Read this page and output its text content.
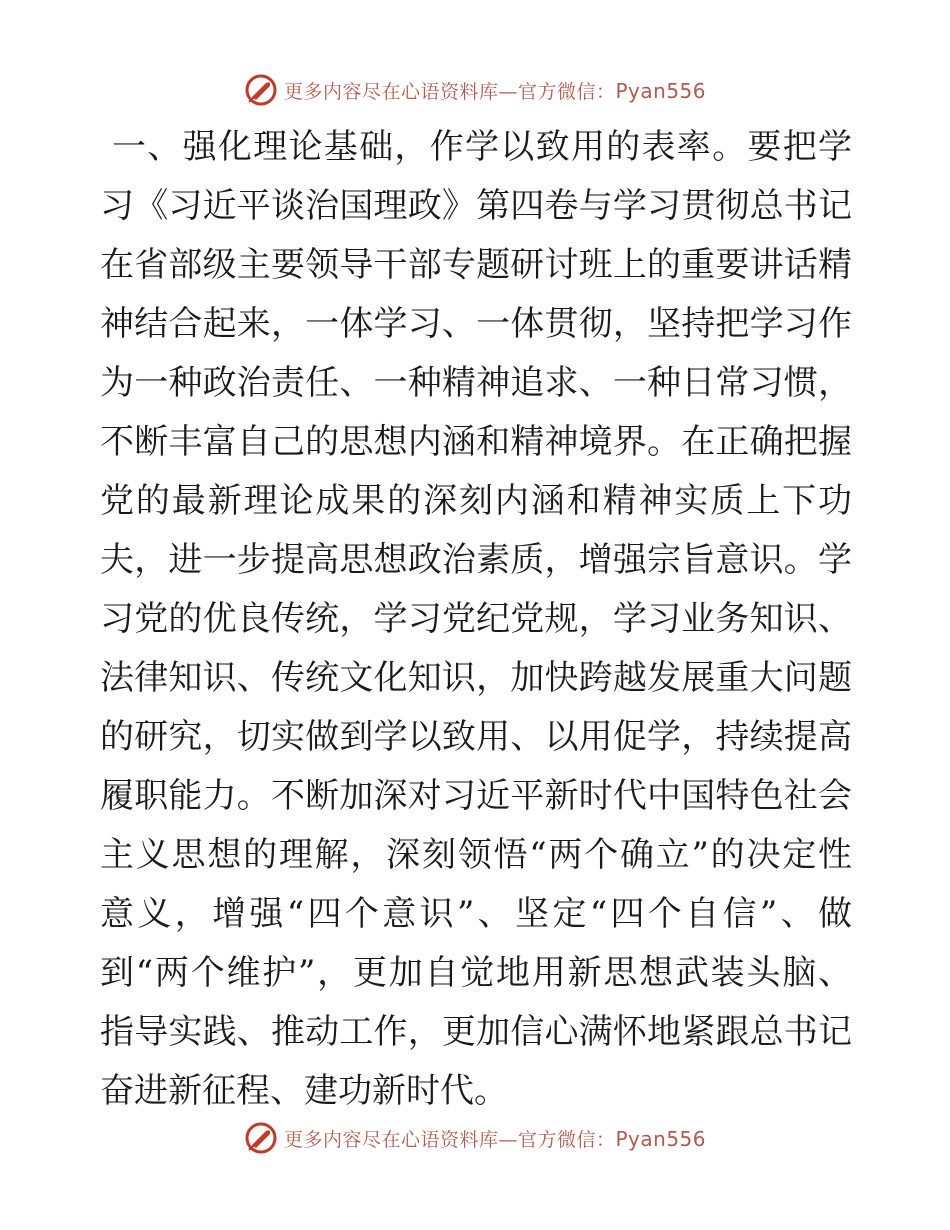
更多内容尽在心语资料库—官方微信：Pyan556
一、强化理论基础，作学以致用的表率。要把学
习《习近平谈治国理政》第四卷与学习贯彻总书记
在省部级主要领导干部专题研讨班上的重要讲话精
神结合起来，一体学习、一体贯彻，坚持把学习作
为一种政治责任、一种精神追求、一种日常习惯，
不断丰富自己的思想内涵和精神境界。在正确把握
党的最新理论成果的深刻内涵和精神实质上下功
夫，进一步提高思想政治素质，增强宗旨意识。学
习党的优良传统，学习党纪党规，学习业务知识、
法律知识、传统文化知识，加快跨越发展重大问题
的研究，切实做到学以致用、以用促学，持续提高
履职能力。不断加深对习近平新时代中国特色社会
主义思想的理解，深刻领悟“两个确立”的决定性
意义，增强“四个意识”、坚定“四个自信”、做
到“两个维护”，更加自觉地用新思想武装头脑、
指导实践、推动工作，更加信心满怀地紧跟总书记
奋进新征程、建功新时代。
更多内容尽在心语资料库—官方微信：Pyan556
